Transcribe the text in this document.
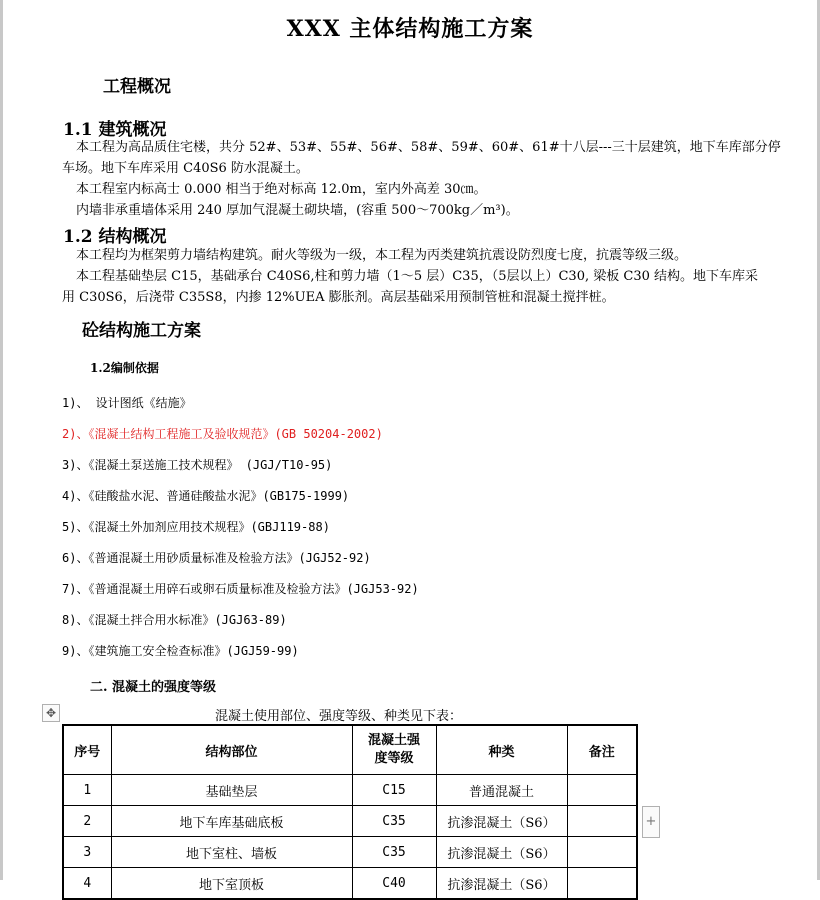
XXX 主体结构施工方案
工程概况
1.1 建筑概况
本工程为高品质住宅楼，共分 52#、53#、55#、56#、58#、59#、60#、61#十八层---三十层建筑，地下车库部分停
车场。地下车库采用 C40S6 防水混凝土。
本工程室内标高士 0.000 相当于绝对标高 12.0m，室内外高差 30㎝。
内墙非承重墙体采用 240 厚加气混凝土砌块墙，(容重 500～700kg／m³)。
1.2 结构概况
本工程均为框架剪力墙结构建筑。耐火等级为一级，本工程为丙类建筑抗震设防烈度七度，抗震等级三级。
本工程基础垫层 C15，基础承台 C40S6,柱和剪力墙（1～5 层）C35，（5层以上）C30, 梁板 C30 结构。地下车库采
用 C30S6，后浇带 C35S8，内掺 12%UEA 膨胀剂。高层基础采用预制管桩和混凝土搅拌桩。
砼结构施工方案
1.2编制依据
1)、 设计图纸《结施》
2)、《混凝土结构工程施工及验收规范》(GB 50204-2002)
3)、《混凝土泵送施工技术规程》 (JGJ/T10-95)
4)、《硅酸盐水泥、普通硅酸盐水泥》(GB175-1999)
5)、《混凝土外加剂应用技术规程》(GBJ119-88)
6)、《普通混凝土用砂质量标准及检验方法》(JGJ52-92)
7)、《普通混凝土用碎石或卵石质量标准及检验方法》(JGJ53-92)
8)、《混凝土拌合用水标准》(JGJ63-89)
9)、《建筑施工安全检查标准》(JGJ59-99)
二. 混凝土的强度等级
✥	混凝土使用部位、强度等级、种类见下表：
序号	结构部位	混凝土强度等级	种类	备注
1	基础垫层	C15	普通混凝土	
2	地下车库基础底板	C35	抗渗混凝土（S6）	
3	地下室柱、墙板	C35	抗渗混凝土（S6）	
4	地下室顶板	C40	抗渗混凝土（S6）	
+
